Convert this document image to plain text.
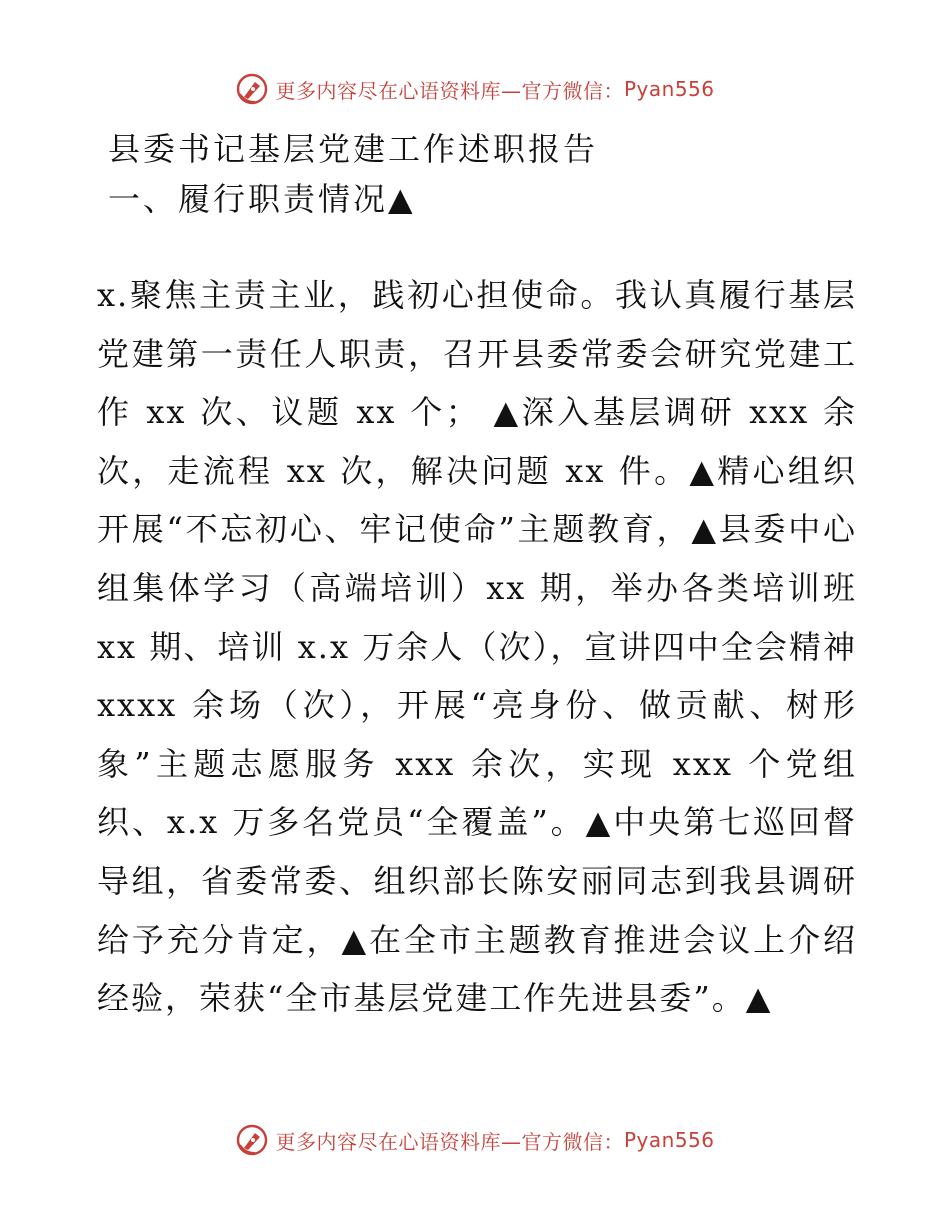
更多内容尽在心语资料库—官方微信： Pyan556
县委书记基层党建工作述职报告
一、履行职责情况▲

x.聚焦主责主业，践初心担使命。我认真履行基层党建第一责任人职责，召开县委常委会研究党建工作 xx 次、议题 xx 个； ▲深入基层调研 xxx 余次，走流程 xx 次，解决问题 xx 件。▲精心组织开展“不忘初心、牢记使命”主题教育，▲县委中心组集体学习（高端培训）xx 期，举办各类培训班 xx 期、培训 x.x 万余人（次），宣讲四中全会精神 xxxx 余场（次），开展“亮身份、做贡献、树形象”主题志愿服务 xxx 余次，实现 xxx 个党组织、x.x 万多名党员“全覆盖”。▲中央第七巡回督导组，省委常委、组织部长陈安丽同志到我县调研给予充分肯定，▲在全市主题教育推进会议上介绍经验，荣获“全市基层党建工作先进县委”。▲

更多内容尽在心语资料库—官方微信： Pyan556
